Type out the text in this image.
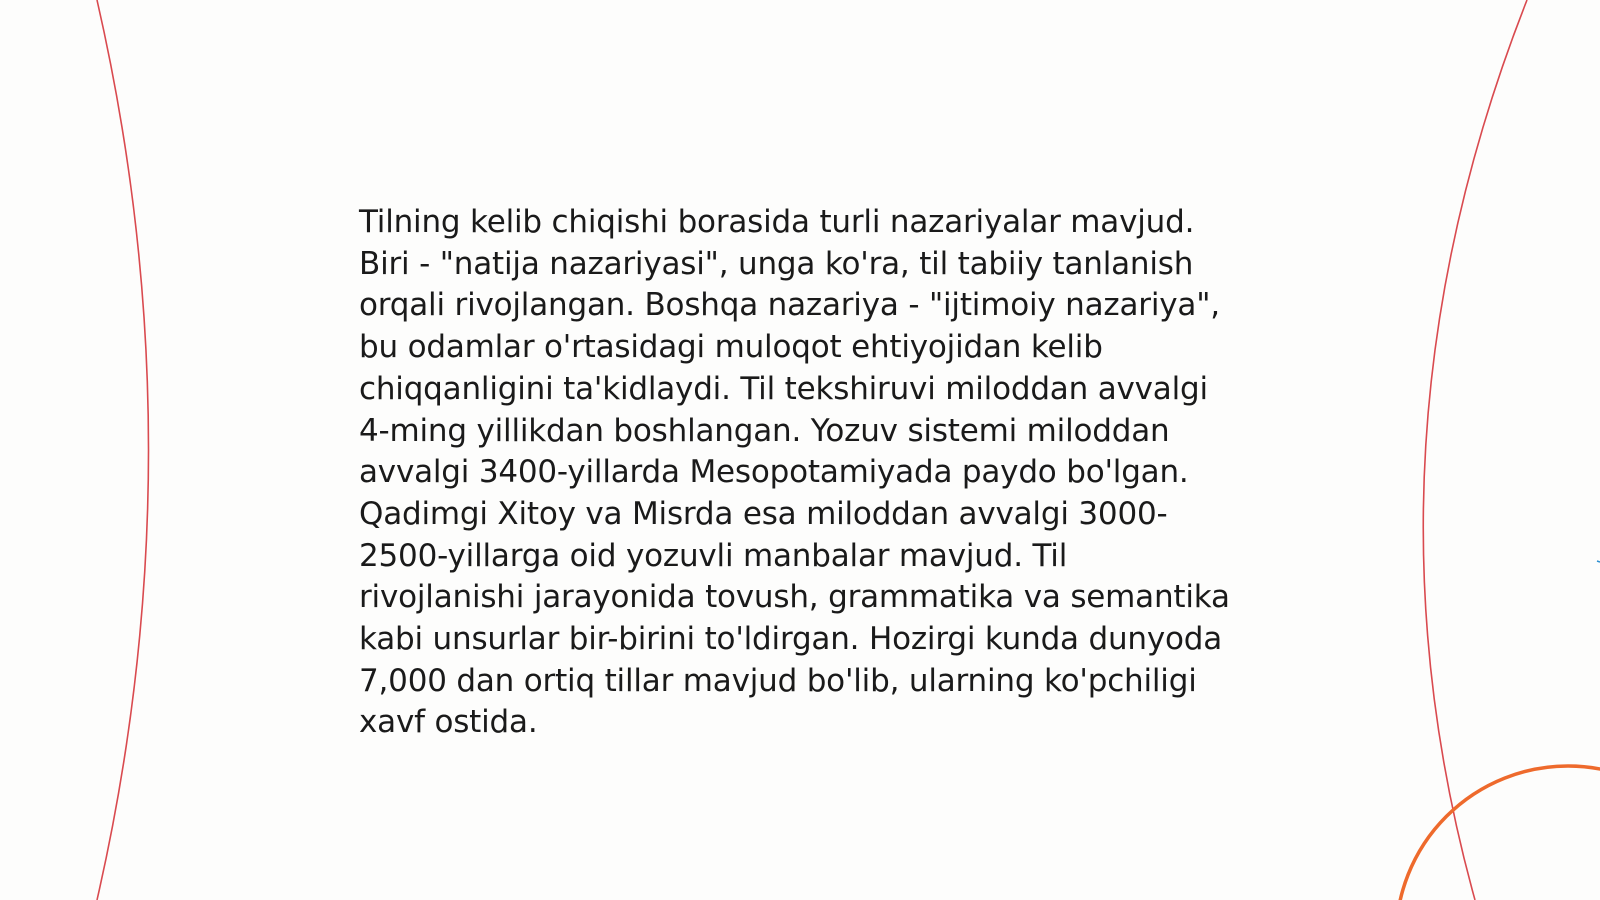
Tilning kelib chiqishi borasida turli nazariyalar mavjud. Biri - "natija nazariyasi", unga ko'ra, til tabiiy tanlanish orqali rivojlangan. Boshqa nazariya - "ijtimoiy nazariya", bu odamlar o'rtasidagi muloqot ehtiyojidan kelib chiqqanligini ta'kidlaydi. Til tekshiruvi miloddan avvalgi 4-ming yillikdan boshlangan. Yozuv sistemi miloddan avvalgi 3400-yillarda Mesopotamiyada paydo bo'lgan. Qadimgi Xitoy va Misrda esa miloddan avvalgi 3000-2500-yillarga oid yozuvli manbalar mavjud. Til rivojlanishi jarayonida tovush, grammatika va semantika kabi unsurlar bir-birini to'ldirgan. Hozirgi kunda dunyoda 7,000 dan ortiq tillar mavjud bo'lib, ularning ko'pchiligi xavf ostida.
